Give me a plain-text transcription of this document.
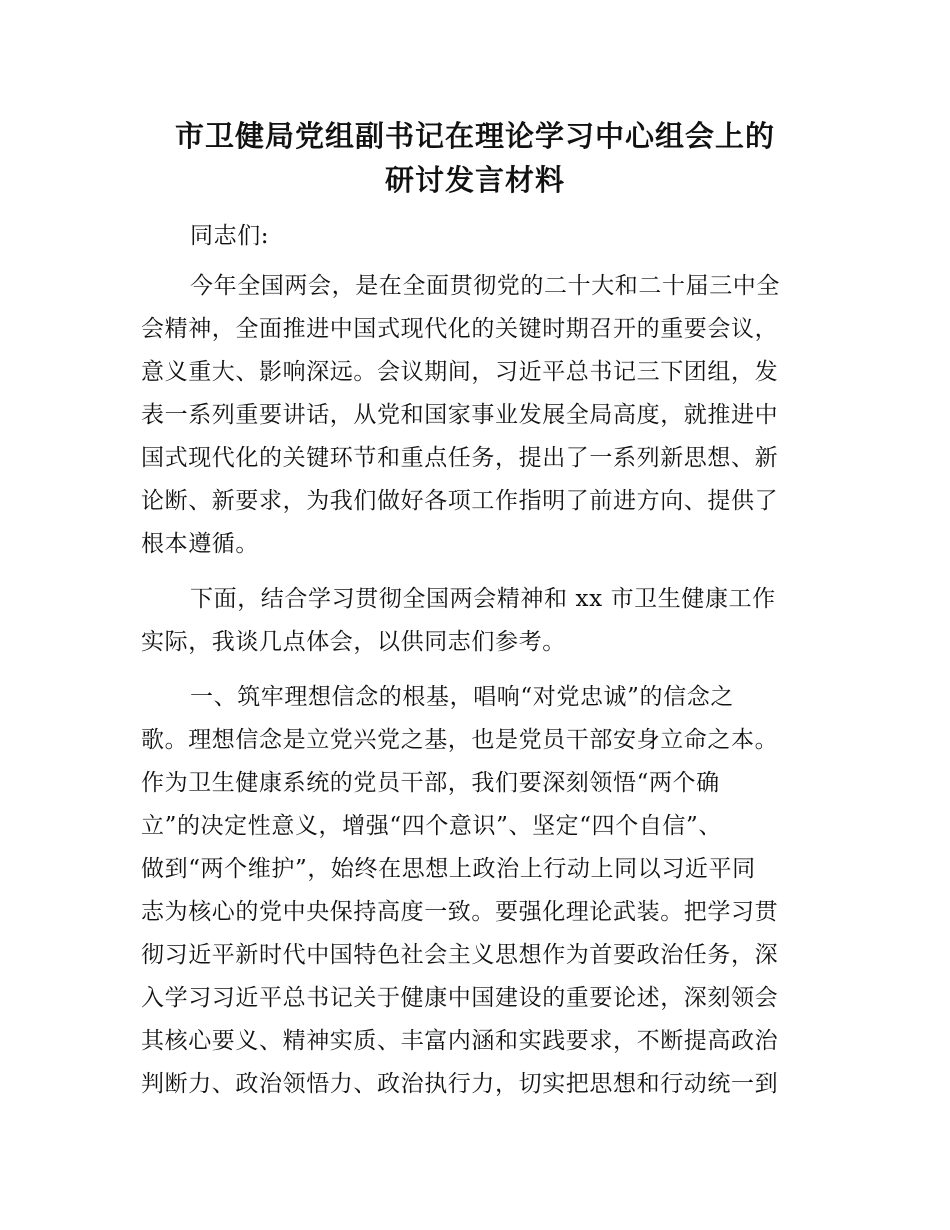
市卫健局党组副书记在理论学习中心组会上的
研讨发言材料

同志们:

今年全国两会，是在全面贯彻党的二十大和二十届三中全

会精神，全面推进中国式现代化的关键时期召开的重要会议，

意义重大、影响深远。会议期间，习近平总书记三下团组，发

表一系列重要讲话，从党和国家事业发展全局高度，就推进中

国式现代化的关键环节和重点任务，提出了一系列新思想、新

论断、新要求，为我们做好各项工作指明了前进方向、提供了

根本遵循。

下面，结合学习贯彻全国两会精神和 xx 市卫生健康工作

实际，我谈几点体会，以供同志们参考。

一、筑牢理想信念的根基，唱响“对党忠诚”的信念之

歌。理想信念是立党兴党之基，也是党员干部安身立命之本。

作为卫生健康系统的党员干部，我们要深刻领悟“两个确

立”的决定性意义，增强“四个意识”、坚定“四个自信”、

做到“两个维护”，始终在思想上政治上行动上同以习近平同

志为核心的党中央保持高度一致。要强化理论武装。把学习贯

彻习近平新时代中国特色社会主义思想作为首要政治任务，深

入学习习近平总书记关于健康中国建设的重要论述，深刻领会

其核心要义、精神实质、丰富内涵和实践要求，不断提高政治

判断力、政治领悟力、政治执行力，切实把思想和行动统一到
